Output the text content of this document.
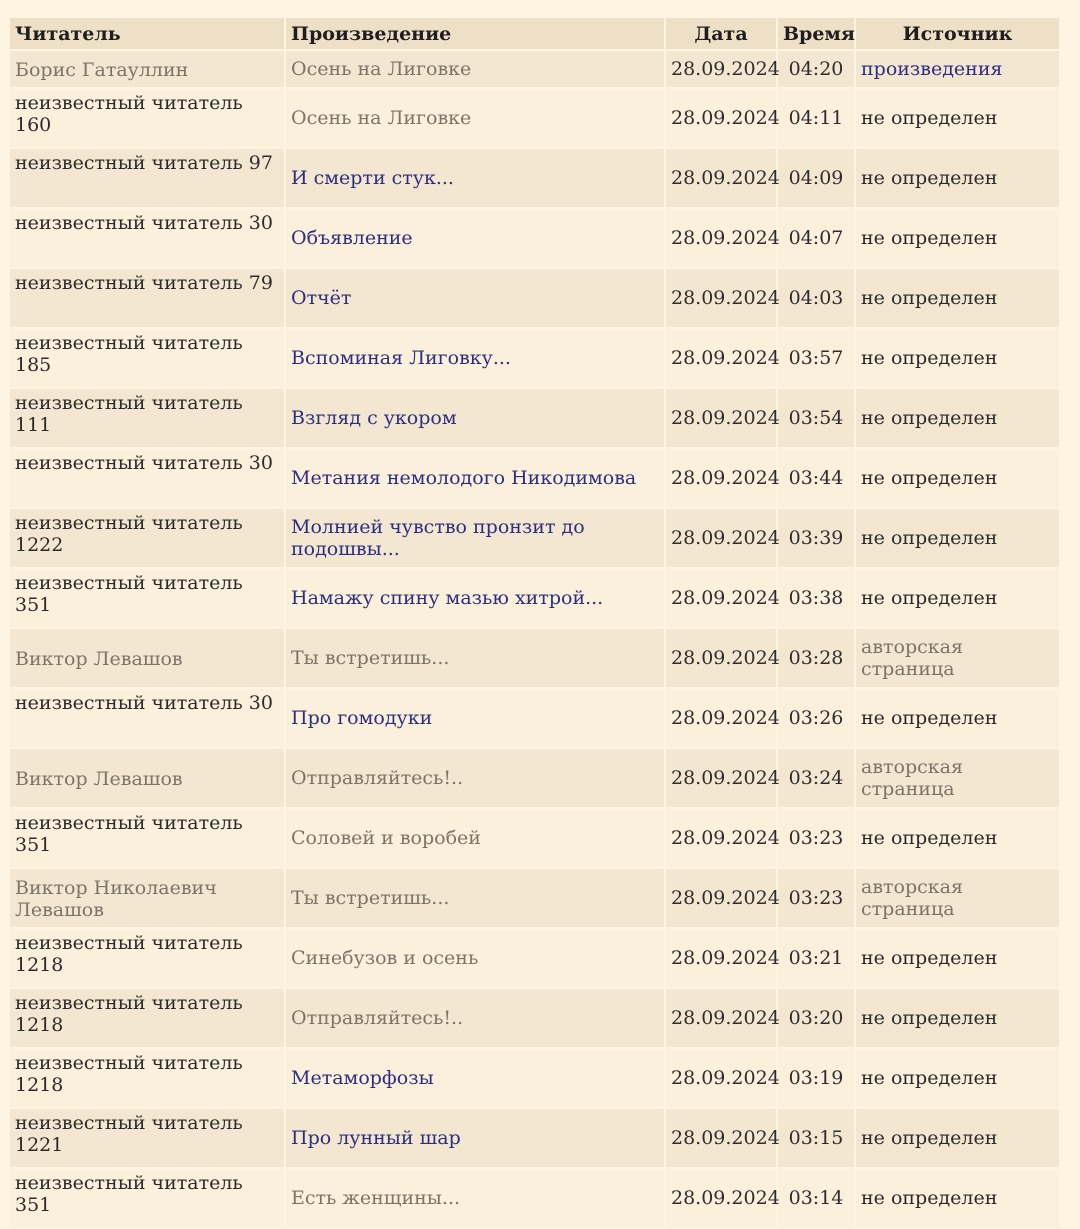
Читатель	Произведение	Дата	Время	Источник
Борис Гатауллин	Осень на Лиговке	28.09.2024	04:20	произведения
неизвестный читатель 160	Осень на Лиговке	28.09.2024	04:11	не определен
неизвестный читатель 97	И смерти стук...	28.09.2024	04:09	не определен
неизвестный читатель 30	Объявление	28.09.2024	04:07	не определен
неизвестный читатель 79	Отчёт	28.09.2024	04:03	не определен
неизвестный читатель 185	Вспоминая Лиговку...	28.09.2024	03:57	не определен
неизвестный читатель 111	Взгляд с укором	28.09.2024	03:54	не определен
неизвестный читатель 30	Метания немолодого Никодимова	28.09.2024	03:44	не определен
неизвестный читатель 1222	Молнией чувство пронзит до подошвы...	28.09.2024	03:39	не определен
неизвестный читатель 351	Намажу спину мазью хитрой...	28.09.2024	03:38	не определен
Виктор Левашов	Ты встретишь...	28.09.2024	03:28	авторская страница
неизвестный читатель 30	Про гомодуки	28.09.2024	03:26	не определен
Виктор Левашов	Отправляйтесь!..	28.09.2024	03:24	авторская страница
неизвестный читатель 351	Соловей и воробей	28.09.2024	03:23	не определен
Виктор Николаевич Левашов	Ты встретишь...	28.09.2024	03:23	авторская страница
неизвестный читатель 1218	Синебузов и осень	28.09.2024	03:21	не определен
неизвестный читатель 1218	Отправляйтесь!..	28.09.2024	03:20	не определен
неизвестный читатель 1218	Метаморфозы	28.09.2024	03:19	не определен
неизвестный читатель 1221	Про лунный шар	28.09.2024	03:15	не определен
неизвестный читатель 351	Есть женщины...	28.09.2024	03:14	не определен
